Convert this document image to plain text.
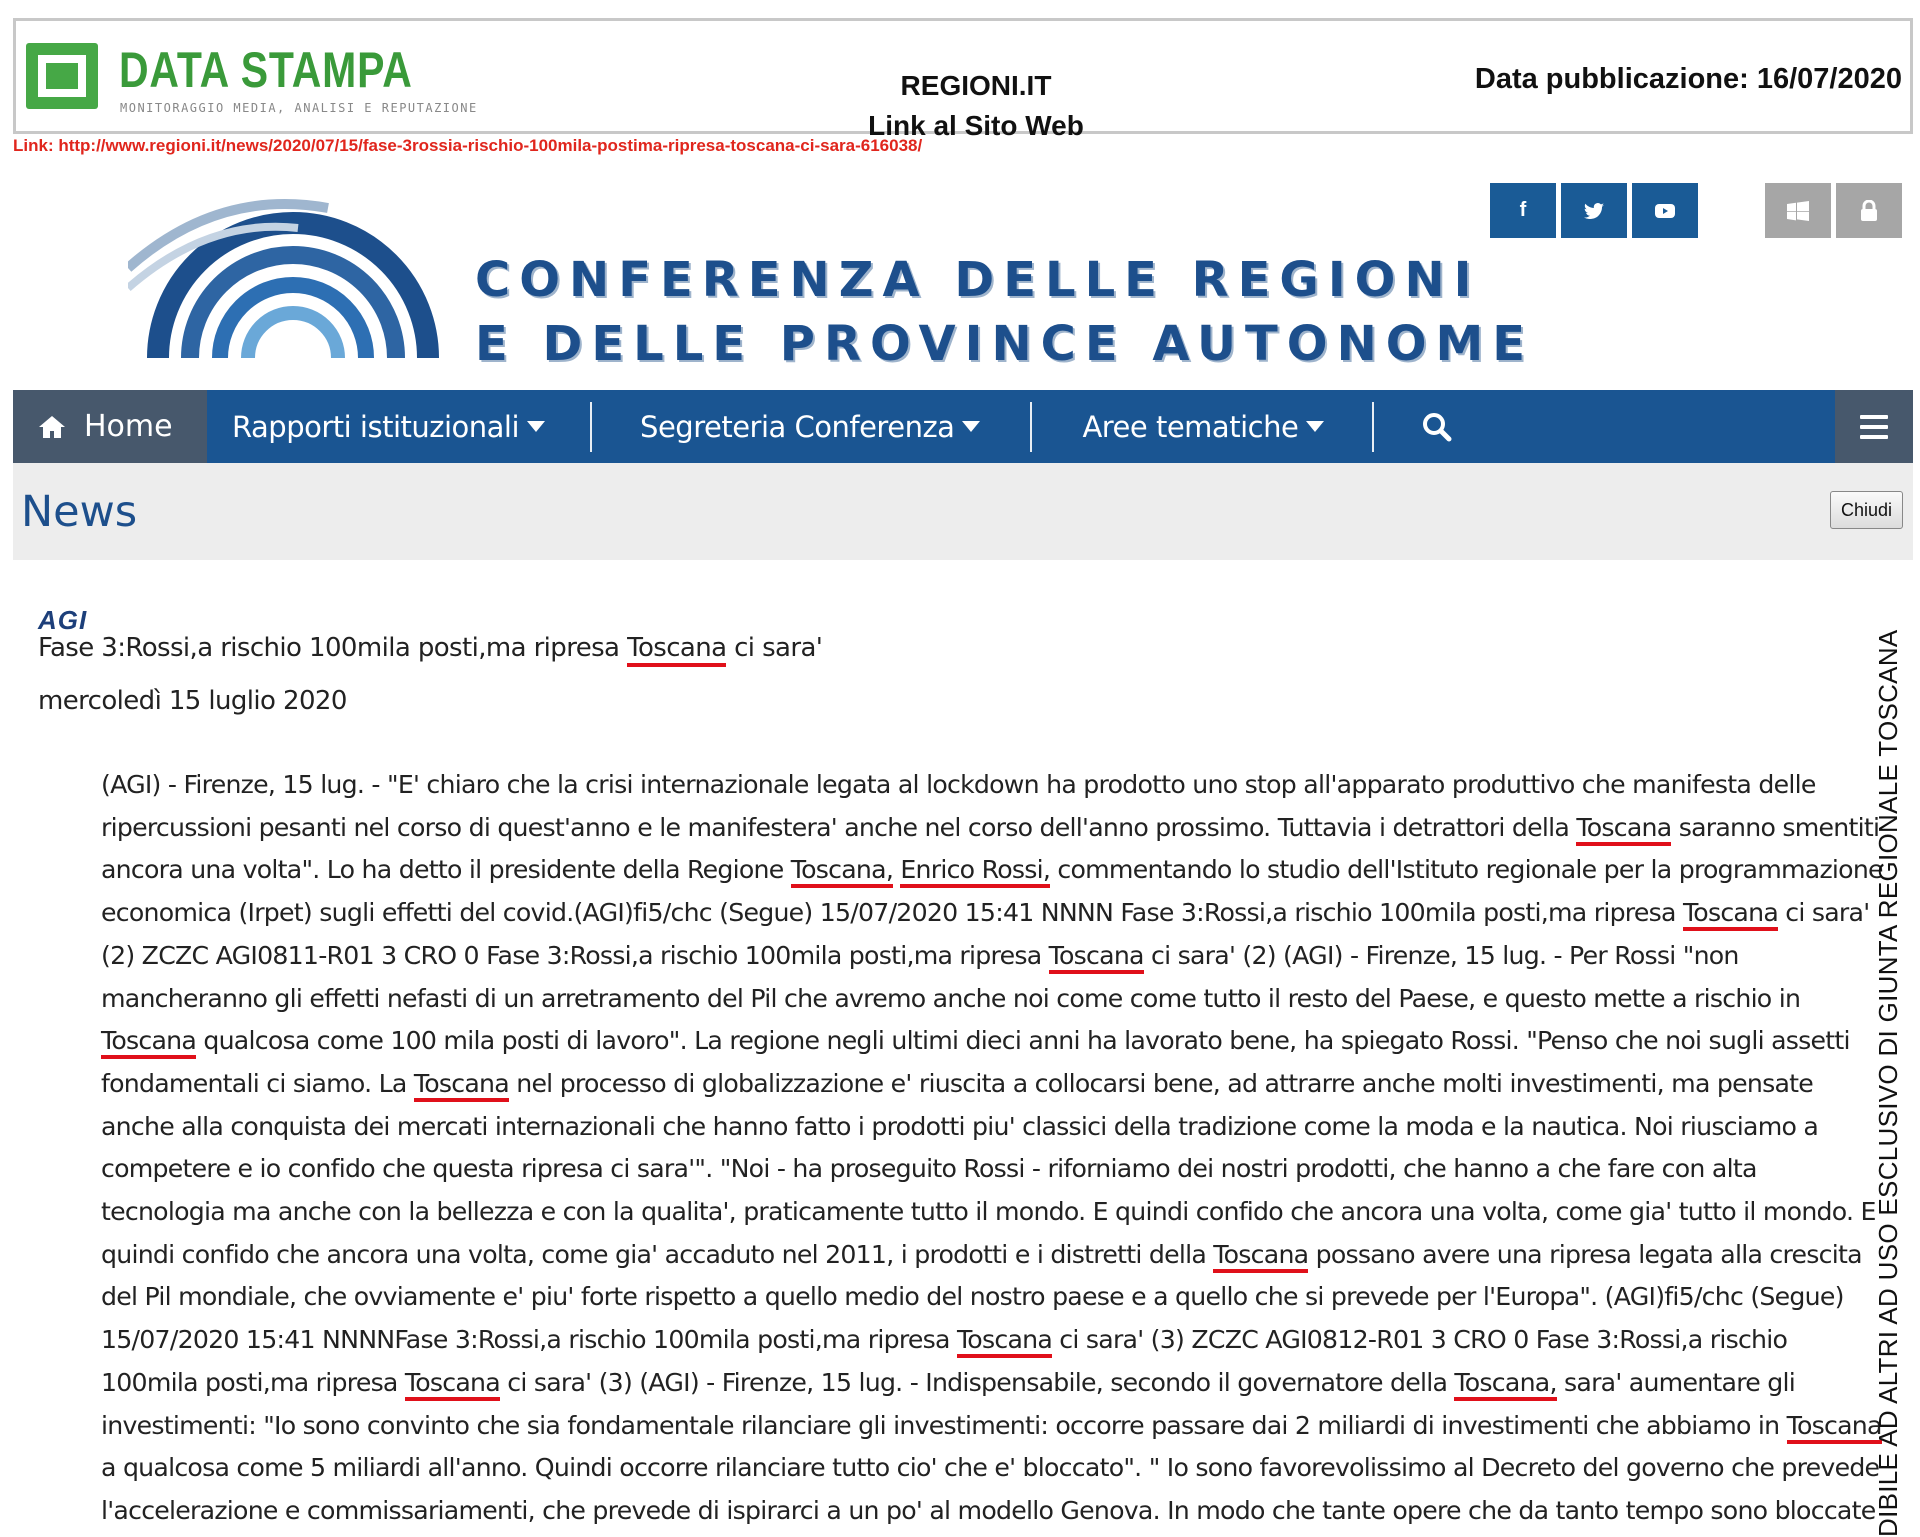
DATA STAMPA
MONITORAGGIO MEDIA, ANALISI E REPUTAZIONE
REGIONI.IT
Link al Sito Web
Data pubblicazione: 16/07/2020
Link: http://www.regioni.it/news/2020/07/15/fase-3rossia-rischio-100mila-postima-ripresa-toscana-ci-sara-616038/
f
CONFERENZA DELLE REGIONI
E DELLE PROVINCE AUTONOME
Home Rapporti istituzionali	Segreteria Conferenza	Aree tematiche
News	Chiudi
AGI
Fase 3:Rossi,a rischio 100mila posti,ma ripresa Toscana ci sara'
mercoledì 15 luglio 2020
(AGI) - Firenze, 15 lug. - "E' chiaro che la crisi internazionale legata al lockdown ha prodotto uno stop all'apparato produttivo che manifesta delle ripercussioni pesanti nel corso di quest'anno e le manifestera' anche nel corso dell'anno prossimo. Tuttavia i detrattori della Toscana saranno smentiti ancora una volta". Lo ha detto il presidente della Regione Toscana, Enrico Rossi, commentando lo studio dell'Istituto regionale per la programmazione economica (Irpet) sugli effetti del covid.(AGI)fi5/chc (Segue) 15/07/2020 15:41 NNNN Fase 3:Rossi,a rischio 100mila posti,ma ripresa Toscana ci sara' (2) ZCZC AGI0811-R01 3 CRO 0 Fase 3:Rossi,a rischio 100mila posti,ma ripresa Toscana ci sara' (2) (AGI) - Firenze, 15 lug. - Per Rossi "non mancheranno gli effetti nefasti di un arretramento del Pil che avremo anche noi come come tutto il resto del Paese, e questo mette a rischio in Toscana qualcosa come 100 mila posti di lavoro". La regione negli ultimi dieci anni ha lavorato bene, ha spiegato Rossi. "Penso che noi sugli assetti fondamentali ci siamo. La Toscana nel processo di globalizzazione e' riuscita a collocarsi bene, ad attrarre anche molti investimenti, ma pensate anche alla conquista dei mercati internazionali che hanno fatto i prodotti piu' classici della tradizione come la moda e la nautica. Noi riusciamo a competere e io confido che questa ripresa ci sara'". "Noi - ha proseguito Rossi - riforniamo dei nostri prodotti, che hanno a che fare con alta tecnologia ma anche con la bellezza e con la qualita', praticamente tutto il mondo. E quindi confido che ancora una volta, come gia' tutto il mondo. E quindi confido che ancora una volta, come gia' accaduto nel 2011, i prodotti e i distretti della Toscana possano avere una ripresa legata alla crescita del Pil mondiale, che ovviamente e' piu' forte rispetto a quello medio del nostro paese e a quello che si prevede per l'Europa". (AGI)fi5/chc (Segue) 15/07/2020 15:41 NNNNFase 3:Rossi,a rischio 100mila posti,ma ripresa Toscana ci sara' (3) ZCZC AGI0812-R01 3 CRO 0 Fase 3:Rossi,a rischio 100mila posti,ma ripresa Toscana ci sara' (3) (AGI) - Firenze, 15 lug. - Indispensabile, secondo il governatore della Toscana, sara' aumentare gli investimenti: "Io sono convinto che sia fondamentale rilanciare gli investimenti: occorre passare dai 2 miliardi di investimenti che abbiamo in Toscana a qualcosa come 5 miliardi all'anno. Quindi occorre rilanciare tutto cio' che e' bloccato". " Io sono favorevolissimo al Decreto del governo che prevede l'accelerazione e commissariamenti, che prevede di ispirarci a un po' al modello Genova. In modo che tante opere che da tanto tempo sono bloccate
DIBILE AD ALTRI AD USO ESCLUSIVO DI GIUNTA REGIONALE TOSCANA
